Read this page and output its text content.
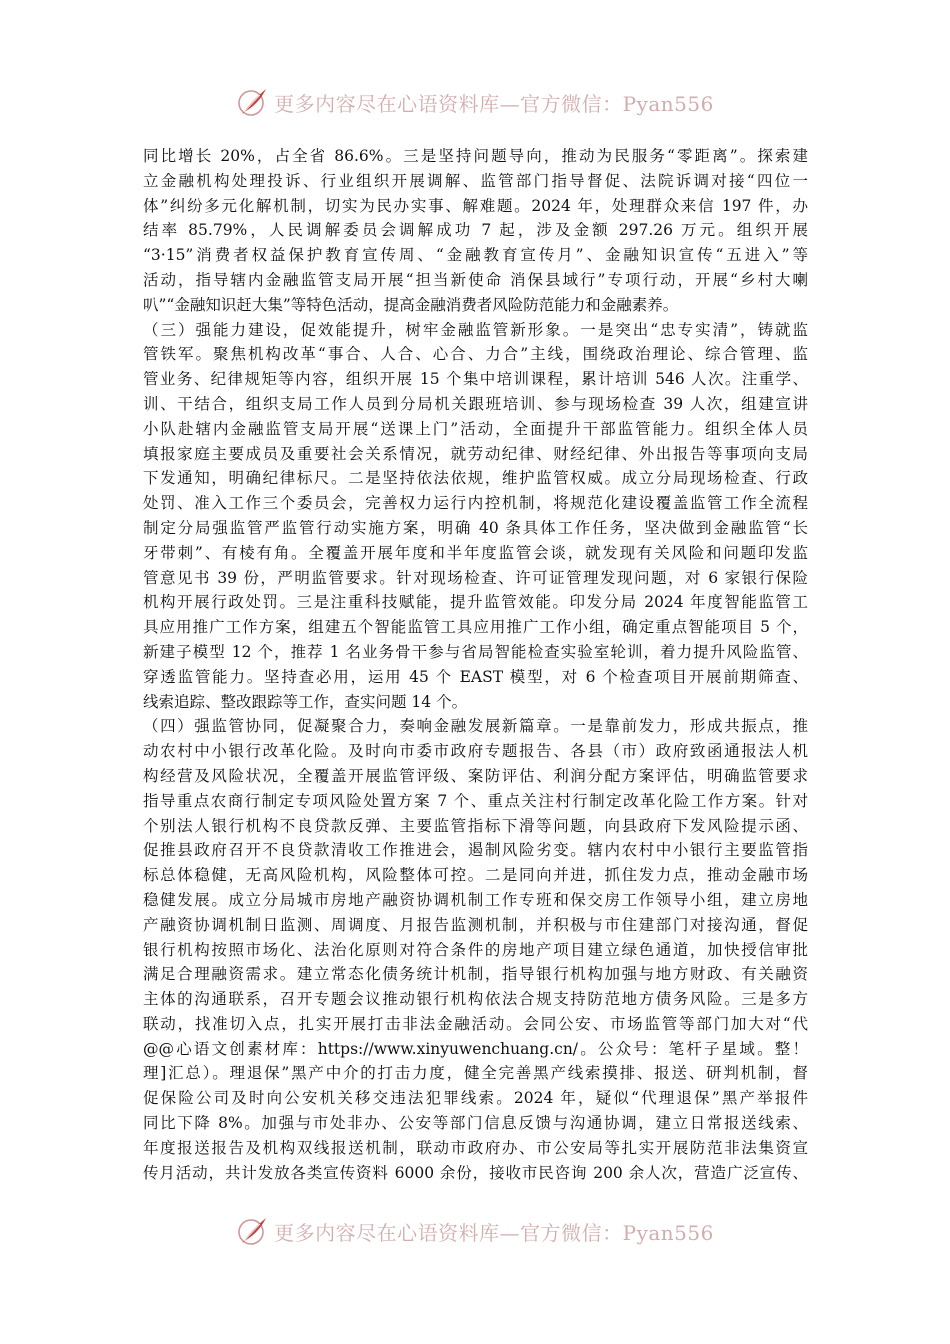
更多内容尽在心语资料库—官方微信：Pyan556
同比增长 20%，占全省 86.6%。三是坚持问题导向，推动为民服务“零距离”。探索建
立金融机构处理投诉、行业组织开展调解、监管部门指导督促、法院诉调对接“四位一
体”纠纷多元化解机制，切实为民办实事、解难题。2024 年，处理群众来信 197 件，办
结率 85.79%，人民调解委员会调解成功 7 起，涉及金额 297.26 万元。组织开展
“3·15”消费者权益保护教育宣传周、“金融教育宣传月”、金融知识宣传“五进入”等
活动，指导辖内金融监管支局开展“担当新使命 消保县域行”专项行动，开展“乡村大喇
叭”“金融知识赶大集”等特色活动，提高金融消费者风险防范能力和金融素养。
（三）强能力建设，促效能提升，树牢金融监管新形象。一是突出“忠专实清”，铸就监
管铁军。聚焦机构改革“事合、人合、心合、力合”主线，围绕政治理论、综合管理、监
管业务、纪律规矩等内容，组织开展 15 个集中培训课程，累计培训 546 人次。注重学、
训、干结合，组织支局工作人员到分局机关跟班培训、参与现场检查 39 人次，组建宣讲
小队赴辖内金融监管支局开展“送课上门”活动，全面提升干部监管能力。组织全体人员
填报家庭主要成员及重要社会关系情况，就劳动纪律、财经纪律、外出报告等事项向支局
下发通知，明确纪律标尺。二是坚持依法依规，维护监管权威。成立分局现场检查、行政
处罚、准入工作三个委员会，完善权力运行内控机制，将规范化建设覆盖监管工作全流程
制定分局强监管严监管行动实施方案，明确 40 条具体工作任务，坚决做到金融监管“长
牙带刺”、有棱有角。全覆盖开展年度和半年度监管会谈，就发现有关风险和问题印发监
管意见书 39 份，严明监管要求。针对现场检查、许可证管理发现问题，对 6 家银行保险
机构开展行政处罚。三是注重科技赋能，提升监管效能。印发分局 2024 年度智能监管工
具应用推广工作方案，组建五个智能监管工具应用推广工作小组，确定重点智能项目 5 个，
新建子模型 12 个，推荐 1 名业务骨干参与省局智能检查实验室轮训，着力提升风险监管、
穿透监管能力。坚持查必用，运用 45 个 EAST 模型，对 6 个检查项目开展前期筛查、
线索追踪、整改跟踪等工作，查实问题 14 个。
（四）强监管协同，促凝聚合力，奏响金融发展新篇章。一是靠前发力，形成共振点，推
动农村中小银行改革化险。及时向市委市政府专题报告、各县（市）政府致函通报法人机
构经营及风险状况，全覆盖开展监管评级、案防评估、利润分配方案评估，明确监管要求
指导重点农商行制定专项风险处置方案 7 个、重点关注村行制定改革化险工作方案。针对
个别法人银行机构不良贷款反弹、主要监管指标下滑等问题，向县政府下发风险提示函、
促推县政府召开不良贷款清收工作推进会，遏制风险劣变。辖内农村中小银行主要监管指
标总体稳健，无高风险机构，风险整体可控。二是同向并进，抓住发力点，推动金融市场
稳健发展。成立分局城市房地产融资协调机制工作专班和保交房工作领导小组，建立房地
产融资协调机制日监测、周调度、月报告监测机制，并积极与市住建部门对接沟通，督促
银行机构按照市场化、法治化原则对符合条件的房地产项目建立绿色通道，加快授信审批
满足合理融资需求。建立常态化债务统计机制，指导银行机构加强与地方财政、有关融资
主体的沟通联系，召开专题会议推动银行机构依法合规支持防范地方债务风险。三是多方
联动，找准切入点，扎实开展打击非法金融活动。会同公安、市场监管等部门加大对“代
@@心语文创素材库：https://www.xinyuwenchuang.cn/。公众号：笔杆子星域。整！
理]汇总）。理退保”黑产中介的打击力度，健全完善黑产线索摸排、报送、研判机制，督
促保险公司及时向公安机关移交违法犯罪线索。2024 年，疑似“代理退保”黑产举报件
同比下降 8%。加强与市处非办、公安等部门信息反馈与沟通协调，建立日常报送线索、
年度报送报告及机构双线报送机制，联动市政府办、市公安局等扎实开展防范非法集资宣
传月活动，共计发放各类宣传资料 6000 余份，接收市民咨询 200 余人次，营造广泛宣传、
更多内容尽在心语资料库—官方微信：Pyan556
